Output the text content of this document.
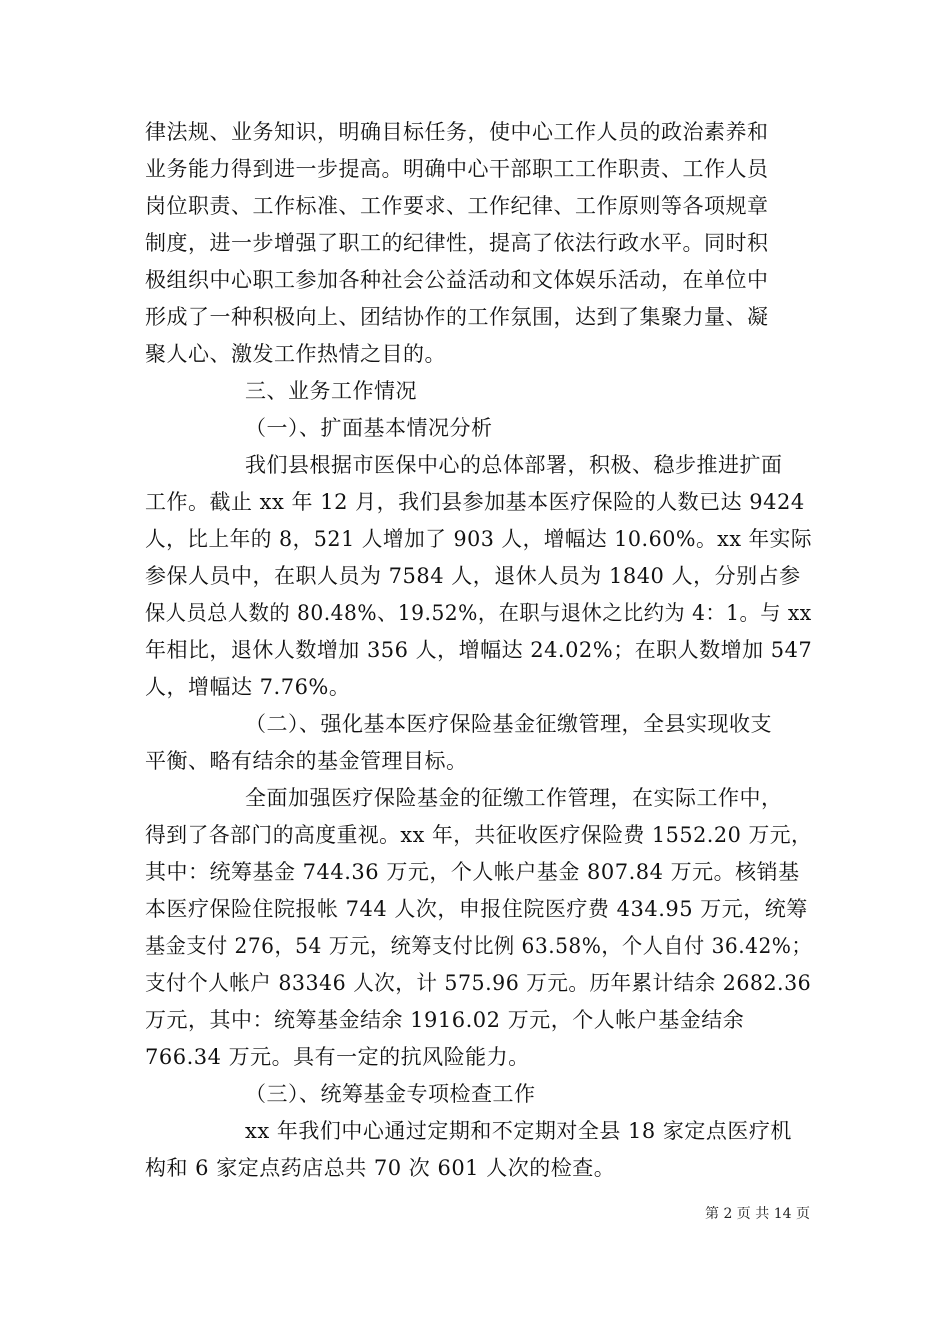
律法规、业务知识，明确目标任务，使中心工作人员的政治素养和
业务能力得到进一步提高。明确中心干部职工工作职责、工作人员
岗位职责、工作标准、工作要求、工作纪律、工作原则等各项规章
制度，进一步增强了职工的纪律性，提高了依法行政水平。同时积
极组织中心职工参加各种社会公益活动和文体娱乐活动，在单位中
形成了一种积极向上、团结协作的工作氛围，达到了集聚力量、凝
聚人心、激发工作热情之目的。
三、业务工作情况
（一）、扩面基本情况分析
我们县根据市医保中心的总体部署，积极、稳步推进扩面
工作。截止 xx 年 12 月，我们县参加基本医疗保险的人数已达 9424
人，比上年的 8，521 人增加了 903 人，增幅达 10.60%。xx 年实际
参保人员中，在职人员为 7584 人，退休人员为 1840 人，分别占参
保人员总人数的 80.48%、19.52%，在职与退休之比约为 4：1。与 xx
年相比，退休人数增加 356 人，增幅达 24.02%；在职人数增加 547
人，增幅达 7.76%。
（二）、强化基本医疗保险基金征缴管理，全县实现收支
平衡、略有结余的基金管理目标。
全面加强医疗保险基金的征缴工作管理，在实际工作中，
得到了各部门的高度重视。xx 年，共征收医疗保险费 1552.20 万元，
其中：统筹基金 744.36 万元，个人帐户基金 807.84 万元。核销基
本医疗保险住院报帐 744 人次，申报住院医疗费 434.95 万元，统筹
基金支付 276，54 万元，统筹支付比例 63.58%，个人自付 36.42%；
支付个人帐户 83346 人次，计 575.96 万元。历年累计结余 2682.36
万元，其中：统筹基金结余 1916.02 万元，个人帐户基金结余
766.34 万元。具有一定的抗风险能力。
（三）、统筹基金专项检查工作
xx 年我们中心通过定期和不定期对全县 18 家定点医疗机
构和 6 家定点药店总共 70 次 601 人次的检查。
第 2 页 共 14 页
